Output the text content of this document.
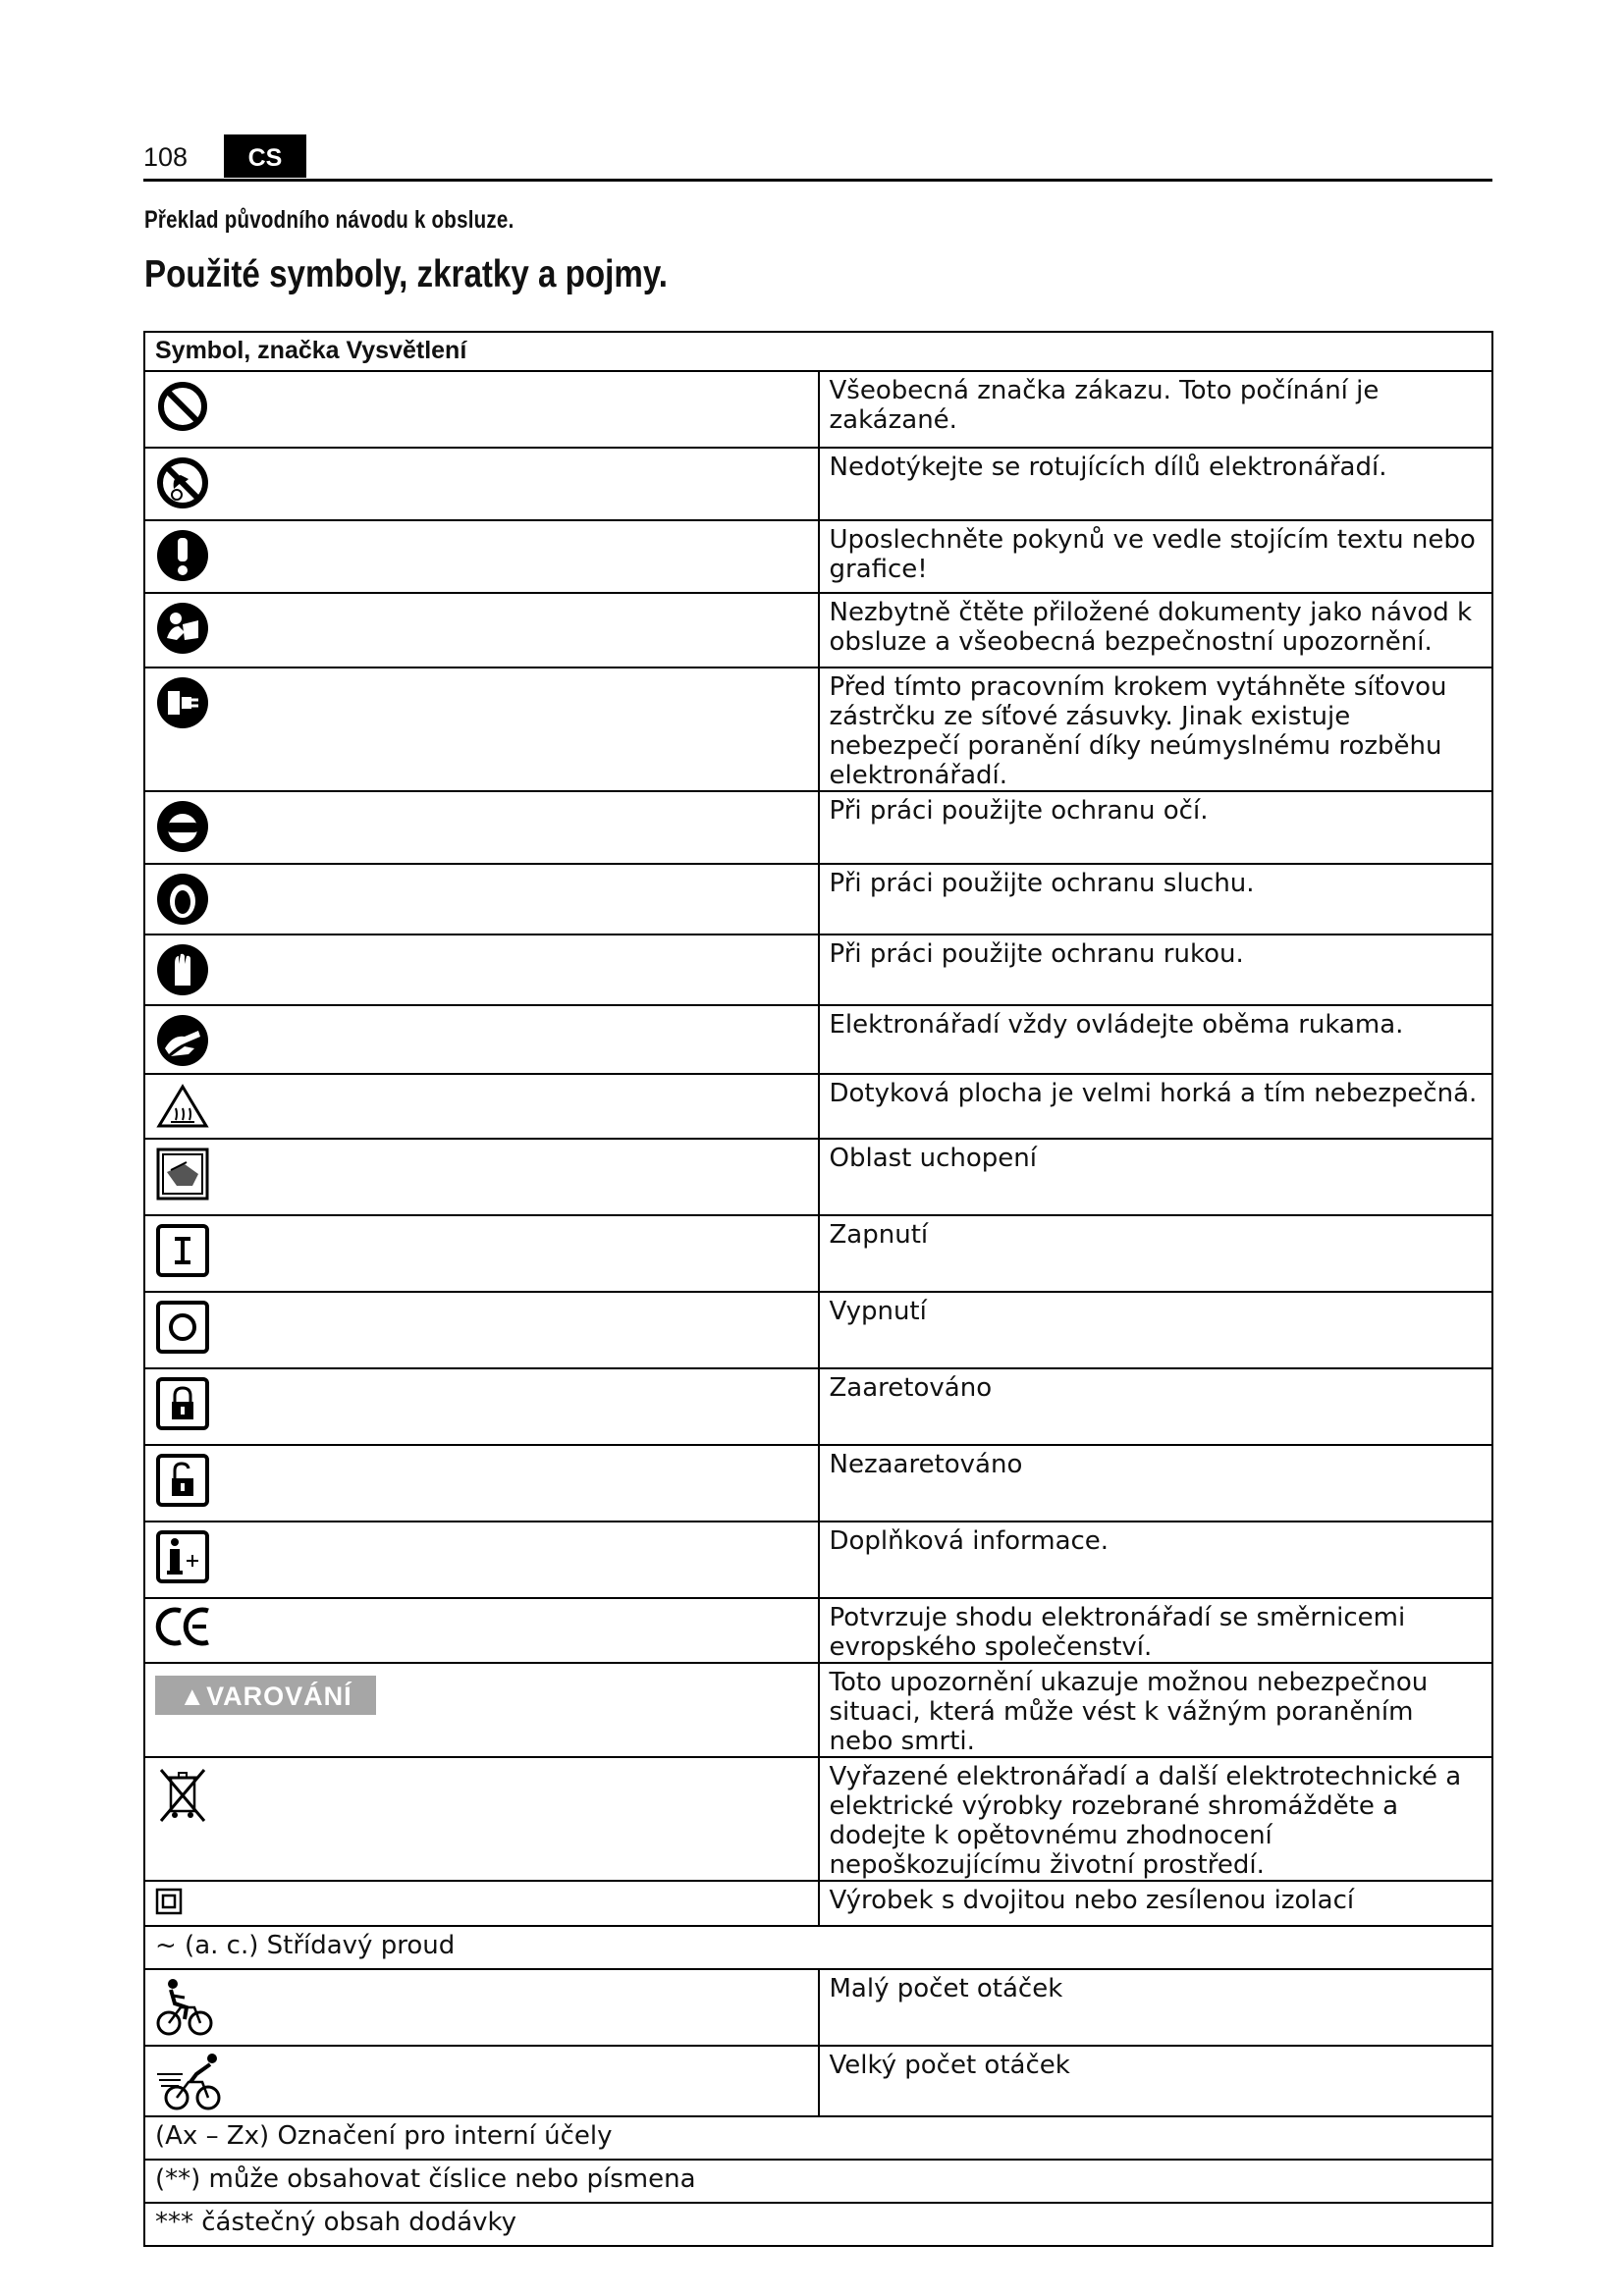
108	CS
Překlad původního návodu k obsluze.
Použité symboly, zkratky a pojmy.
Symbol, značka Vysvětlení	

	Všeobecná značka zákazu. Toto počínání je zakázané.

	Nedotýkejte se rotujících dílů elektronářadí.

	Uposlechněte pokynů ve vedle stojícím textu nebo grafice!

	Nezbytně čtěte přiložené dokumenty jako návod k obsluze a všeobecná bezpečnostní upozornění.

	Před tímto pracovním krokem vytáhněte síťovou zástrčku ze síťové zásuvky. Jinak existuje nebezpečí poranění díky neúmyslnému rozběhu elektronářadí.

	Při práci použijte ochranu očí.

	Při práci použijte ochranu sluchu.

	Při práci použijte ochranu rukou.

	Elektronářadí vždy ovládejte oběma rukama.

	Dotyková plocha je velmi horká a tím nebezpečná.

	Oblast uchopení

	Zapnutí

	Vypnutí

	Zaaretováno

	Nezaaretováno

	Doplňková informace.

	Potvrzuje shodu elektronářadí se směrnicemi evropského společenství.

▲VAROVÁNÍ	Toto upozornění ukazuje možnou nebezpečnou situaci, která může vést k vážným poraněním nebo smrti.

	Vyřazené elektronářadí a další elektrotechnické a elektrické výrobky rozebrané shromážděte a dodejte k opětovnému zhodnocení nepoškozujícímu životní prostředí.

	Výrobek s dvojitou nebo zesílenou izolací
~ (a. c.) Střídavý proud	

	Malý počet otáček

	Velký počet otáček
(Ax – Zx) Označení pro interní účely	
(**) může obsahovat číslice nebo písmena	
*** částečný obsah dodávky	
